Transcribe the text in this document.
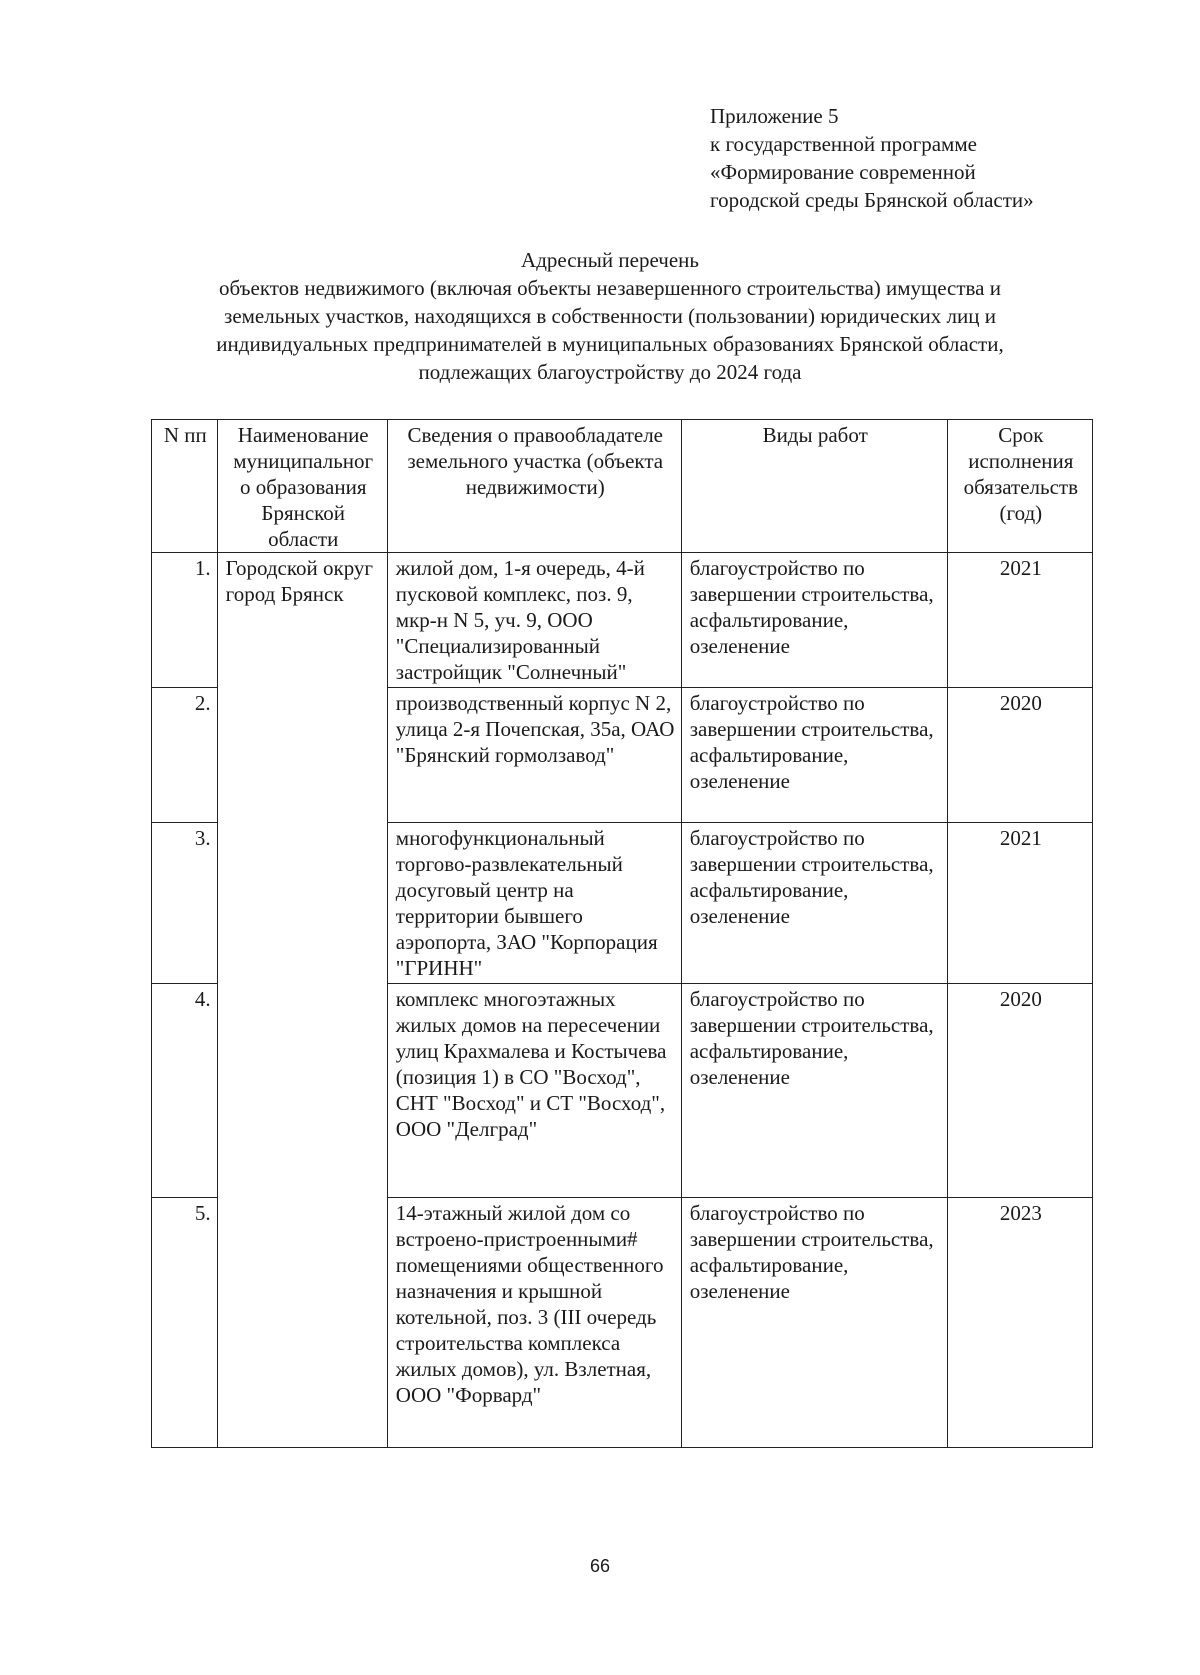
Приложение 5
к государственной программе
«Формирование современной
городской среды Брянской области»
Адресный перечень
объектов недвижимого (включая объекты незавершенного строительства) имущества и
земельных участков, находящихся в собственности (пользовании) юридических лиц и
индивидуальных предпринимателей в муниципальных образованиях Брянской области,
подлежащих благоустройству до 2024 года
N пп	Наименование муниципальног о образования Брянской области	Сведения о правообладателе земельного участка (объекта недвижимости)	Виды работ	Срок исполнения обязательств (год)
1.	Городской округ город Брянск	жилой дом, 1-я очередь, 4-й пусковой комплекс, поз. 9, мкр-н N 5, уч. 9, ООО "Специализированный застройщик "Солнечный"	благоустройство по завершении строительства, асфальтирование, озеленение	2021
2.		производственный корпус N 2, улица 2-я Почепская, 35а, ОАО "Брянский гормолзавод"	благоустройство по завершении строительства, асфальтирование, озеленение	2020
3.		многофункциональный торгово-развлекательный досуговый центр на территории бывшего аэропорта, ЗАО "Корпорация "ГРИНН"	благоустройство по завершении строительства, асфальтирование, озеленение	2021
4.		комплекс многоэтажных жилых домов на пересечении улиц Крахмалева и Костычева (позиция 1) в СО "Восход", СНТ "Восход" и СТ "Восход", ООО "Делград"	благоустройство по завершении строительства, асфальтирование, озеленение	2020
5.		14-этажный жилой дом со встроено-пристроенными# помещениями общественного назначения и крышной котельной, поз. 3 (III очередь строительства комплекса жилых домов), ул. Взлетная, ООО "Форвард"	благоустройство по завершении строительства, асфальтирование, озеленение	2023
66
